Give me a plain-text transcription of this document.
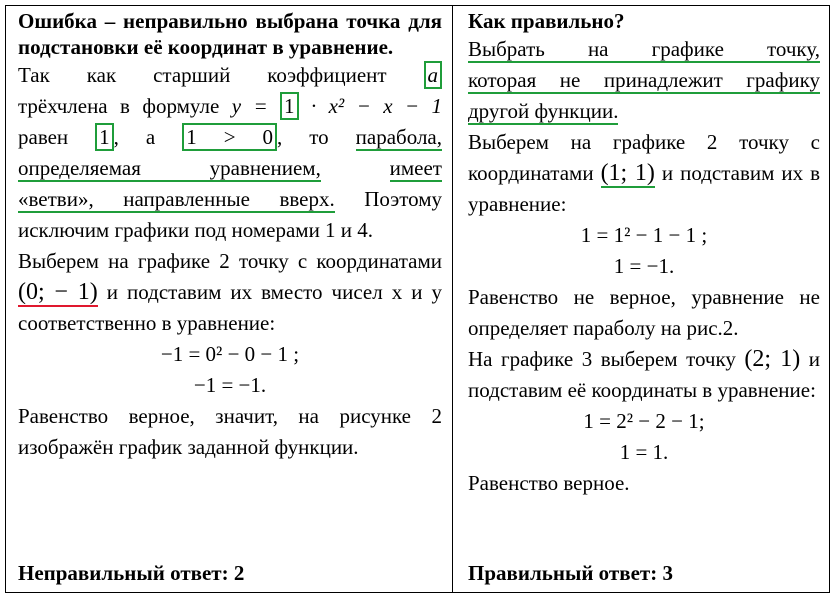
Ошибка – неправильно выбрана точка для подстановки её координат в уравнение.
Так как старший коэффициент a
трёхчлена в формуле y = 1 · x² − x − 1
равен 1 , а 1 > 0 , то парабола,
определяемая уравнением,	имеет
«ветви», направленные вверх. Поэтому исключим графики под номерами 1 и 4.
Выберем на графике 2 точку с координатами (0; − 1) и подставим их вместо чисел x и y соответственно в уравнение:
−1 = 0² − 0 − 1 ;
−1 = −1.
Равенство верное, значит, на рисунке 2 изображён график заданной функции.
Неправильный ответ: 2
Как правильно?
Выбрать на графике точку,
которая не принадлежит графику
другой функции.
Выберем на графике 2 точку с координатами (1; 1) и подставим их в уравнение:
1 = 1² − 1 − 1 ;
1 = −1.
Равенство не верное, уравнение не определяет параболу на рис.2.
На графике 3 выберем точку (2; 1) и подставим её координаты в уравнение:
1 = 2² − 2 − 1;
1 = 1.
Равенство верное.
Правильный ответ: 3
